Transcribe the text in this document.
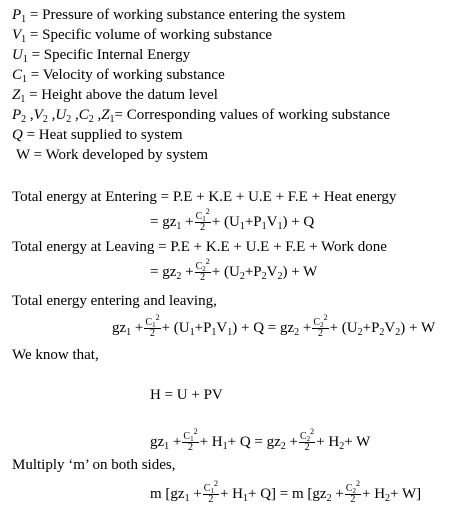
$P_1$ = Pressure of working substance entering the system
$V_1$ = Specific volume of working substance
$U_1$ = Specific Internal Energy
$C_1$ = Velocity of working substance
$Z_1$ = Height above the datum level
$P_2$ $,V_2$ $,U_2$ $,C_2$ $,Z_1=$ Corresponding values of working substance
Q = Heat supplied to system
W = Work developed by system
Total energy at Entering = P.E + K.E + U.E + F.E + Heat energy
= $gz_1 + \frac{C_1^2}{2} + (U_1+P_1V_1) + Q$
Total energy at Leaving = P.E + K.E + U.E + F.E + Work done
= $gz_2 + \frac{C_2^2}{2} + (U_2+P_2V_2) + W$
Total energy entering and leaving,
$gz_1 + \frac{C_1^2}{2} + (U_1+P_1V_1) + Q = gz_2 + \frac{C_2^2}{2} + (U_2+P_2V_2) + W$
We know that,
H = U + PV
$gz_1 + \frac{C_1^2}{2} + H_1+ Q = gz_2 + \frac{C_2^2}{2} + H_2+ W$
Multiply ‘m’ on both sides,
m $[gz_1 + \frac{C_1^2}{2} + H_1+ Q] = m$ $[gz_2 + \frac{C_2^2}{2} + H_2+ W]$
